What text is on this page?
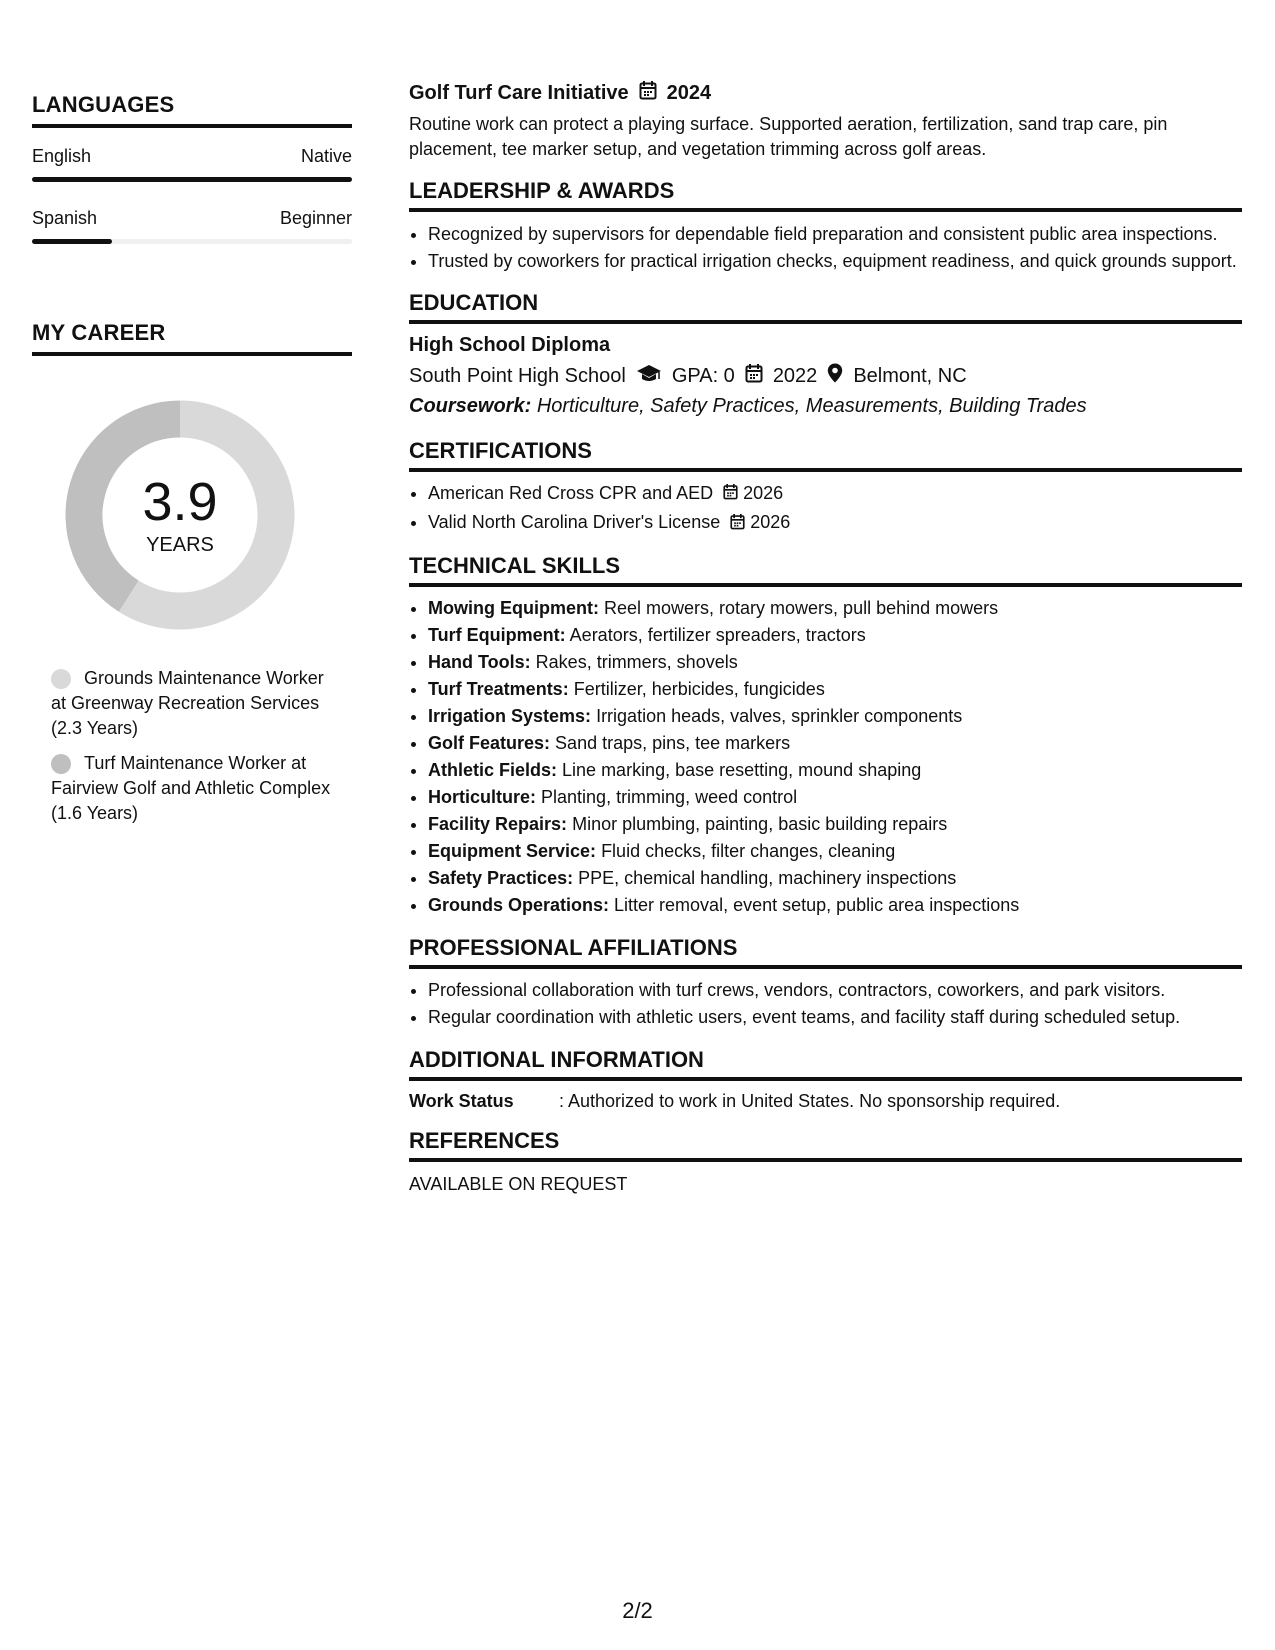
LANGUAGES
English	Native
Spanish	Beginner
MY CAREER
3.9
YEARS
Grounds Maintenance Worker at Greenway Recreation Services (2.3 Years)
Turf Maintenance Worker at Fairview Golf and Athletic Complex (1.6 Years)
Golf Turf Care Initiative 2024
Routine work can protect a playing surface. Supported aeration, fertilization, sand trap care, pin placement, tee marker setup, and vegetation trimming across golf areas.
LEADERSHIP & AWARDS
• Recognized by supervisors for dependable field preparation and consistent public area inspections.
• Trusted by coworkers for practical irrigation checks, equipment readiness, and quick grounds support.
EDUCATION
High School Diploma
South Point High School GPA: 0 2022 Belmont, NC
Coursework: Horticulture, Safety Practices, Measurements, Building Trades
CERTIFICATIONS
• American Red Cross CPR and AED 2026
• Valid North Carolina Driver's License 2026
TECHNICAL SKILLS
• Mowing Equipment: Reel mowers, rotary mowers, pull behind mowers
• Turf Equipment: Aerators, fertilizer spreaders, tractors
• Hand Tools: Rakes, trimmers, shovels
• Turf Treatments: Fertilizer, herbicides, fungicides
• Irrigation Systems: Irrigation heads, valves, sprinkler components
• Golf Features: Sand traps, pins, tee markers
• Athletic Fields: Line marking, base resetting, mound shaping
• Horticulture: Planting, trimming, weed control
• Facility Repairs: Minor plumbing, painting, basic building repairs
• Equipment Service: Fluid checks, filter changes, cleaning
• Safety Practices: PPE, chemical handling, machinery inspections
• Grounds Operations: Litter removal, event setup, public area inspections
PROFESSIONAL AFFILIATIONS
• Professional collaboration with turf crews, vendors, contractors, coworkers, and park visitors.
• Regular coordination with athletic users, event teams, and facility staff during scheduled setup.
ADDITIONAL INFORMATION
Work Status	: Authorized to work in United States. No sponsorship required.
REFERENCES
AVAILABLE ON REQUEST
2/2
